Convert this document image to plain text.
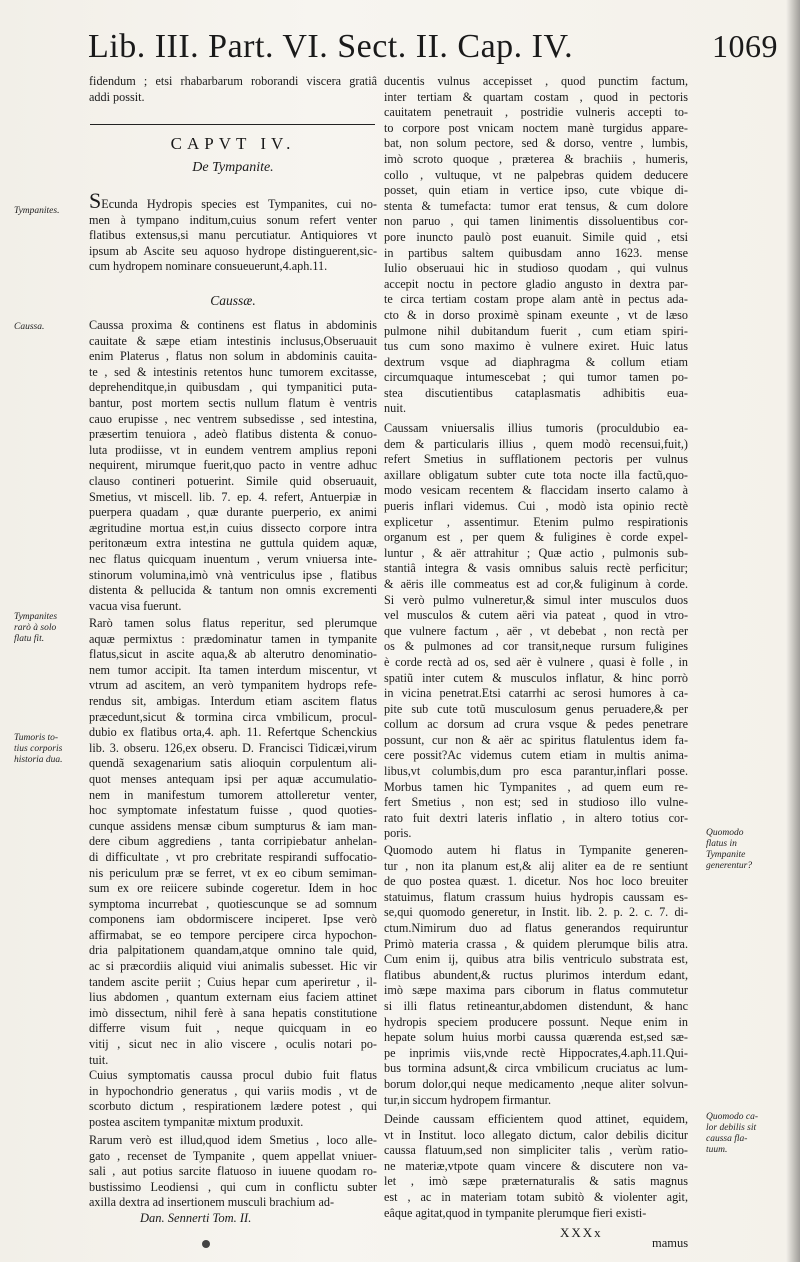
Lib. III. Part. VI. Sect. II. Cap. IV.	1069
fidendum ; etsi rhabarbarum roborandi viscera gratiâ
addi possit.
CAPVT IV.
De Tympanite.
SEcunda Hydropis species est Tympanites, cui no-
men à tympano inditum,cuius sonum refert venter
flatibus extensus,si manu percutiatur. Antiquiores vt
ipsum ab Ascite seu aquoso hydrope distinguerent,sic-
cum hydropem nominare consueuerunt,4.aph.11.
Caussæ.
Caussa proxima & continens est flatus in abdominis
cauitate & sæpe etiam intestinis inclusus,Obseruauit
enim Platerus , flatus non solum in abdominis cauita-
te , sed & intestinis retentos hunc tumorem excitasse,
deprehenditque,in quibusdam , qui tympanitici puta-
bantur, post mortem sectis nullum flatum è ventris
cauo erupisse , nec ventrem subsedisse , sed intestina,
præsertim tenuiora , adeò flatibus distenta & conuo-
luta prodiisse, vt in eundem ventrem amplius reponi
nequirent, mirumque fuerit,quo pacto in ventre adhuc
clauso contineri potuerint. Simile quid obseruauit,
Smetius, vt miscell. lib. 7. ep. 4. refert, Antuerpiæ in
puerpera quadam , quæ durante puerperio, ex animi
ægritudine mortua est,in cuius dissecto corpore intra
peritonæum extra intestina ne guttula quidem aquæ,
nec flatus quicquam inuentum , verum vniuersa inte-
stinorum volumina,imò vnà ventriculus ipse , flatibus
distenta & pellucida & tantum non omnis excrementi
vacua visa fuerunt.
Rarò tamen solus flatus reperitur, sed plerumque
aquæ permixtus : prædominatur tamen in tympanite
flatus,sicut in ascite aqua,& ab alterutro denominatio-
nem tumor accipit. Ita tamen interdum miscentur, vt
vtrum ad ascitem, an verò tympanitem hydrops refe-
rendus sit, ambigas. Interdum etiam ascitem flatus
præcedunt,sicut & tormina circa vmbilicum, procul-
dubio ex flatibus orta,4. aph. 11. Refertque Schenckius
lib. 3. obseru. 126,ex obseru. D. Francisci Tidicæi,virum
quendã sexagenarium satis alioquin corpulentum ali-
quot menses antequam ipsi per aquæ accumulatio-
nem in manifestum tumorem attolleretur venter,
hoc symptomate infestatum fuisse , quod quoties-
cunque assidens mensæ cibum sumpturus & iam man-
dere cibum aggrediens , tanta corripiebatur anhelan-
di difficultate , vt pro crebritate respirandi suffocatio-
nis periculum præ se ferret, vt ex eo cibum semiman-
sum ex ore reiicere subinde cogeretur. Idem in hoc
symptoma incurrebat , quotiescunque se ad somnum
componens iam obdormiscere inciperet. Ipse verò
affirmabat, se eo tempore percipere circa hypochon-
dria palpitationem quandam,atque omnino tale quid,
ac si præcordiis aliquid viui animalis subesset. Hic vir
tandem ascite periit ; Cuius hepar cum aperiretur , il-
lius abdomen , quantum externam eius faciem attinet
imò dissectum, nihil ferè à sana hepatis constitutione
differre visum fuit , neque quicquam in eo
vitij , sicut nec in alio viscere , oculis notari po-
tuit.
Cuius symptomatis caussa procul dubio fuit flatus
in hypochondrio generatus , qui variis modis , vt de
scorbuto dictum , respirationem lædere potest , qui
postea ascitem tympanitæ mixtum produxit.
Rarum verò est illud,quod idem Smetius , loco alle-
gato , recenset de Tympanite , quem appellat vniuer-
sali , aut potius sarcite flatuoso in iuuene quodam ro-
bustissimo Leodiensi , qui cum in conflictu subter
axilla dextra ad insertionem musculi brachium ad-
Dan. Sennerti Tom. II.
ducentis vulnus accepisset , quod punctim factum,
inter tertiam & quartam costam , quod in pectoris
cauitatem penetrauit , postridie vulneris accepti to-
to corpore post vnicam noctem manè turgidus appare-
bat, non solum pectore, sed & dorso, ventre , lumbis,
imò scroto quoque , præterea & brachiis , humeris,
collo , vultuque, vt ne palpebras quidem deducere
posset, quin etiam in vertice ipso, cute vbique di-
stenta & tumefacta: tumor erat tensus, & cum dolore
non paruo , qui tamen linimentis dissoluentibus cor-
pore inuncto paulò post euanuit. Simile quid , etsi
in partibus saltem quibusdam anno 1623. mense
Iulio obseruaui hic in studioso quodam , qui vulnus
accepit noctu in pectore gladio angusto in dextra par-
te circa tertiam costam prope alam antè in pectus ada-
cto & in dorso proximè spinam exeunte , vt de læso
pulmone nihil dubitandum fuerit , cum etiam spiri-
tus cum sono maximo è vulnere exiret. Huic latus
dextrum vsque ad diaphragma & collum etiam
circumquaque intumescebat ; qui tumor tamen po-
stea discutientibus cataplasmatis adhibitis eua-
nuit.
Caussam vniuersalis illius tumoris (proculdubio ea-
dem & particularis illius , quem modò recensui,fuit,)
refert Smetius in sufflationem pectoris per vulnus
axillare obligatum subter cute tota nocte illa factũ,quo-
modo vesicam recentem & flaccidam inserto calamo à
pueris inflari videmus. Cui , modò ista opinio rectè
explicetur , assentimur. Etenim pulmo respirationis
organum est , per quem & fuligines è corde expel-
luntur , & aër attrahitur ; Quæ actio , pulmonis sub-
stantiâ integra & vasis omnibus saluis rectè perficitur;
& aëris ille commeatus est ad cor,& fuliginum à corde.
Si verò pulmo vulneretur,& simul inter musculos duos
vel musculos & cutem aëri via pateat , quod in vtro-
que vulnere factum , aër , vt debebat , non rectà per
os & pulmones ad cor transit,neque rursum fuligines
è corde rectà ad os, sed aër è vulnere , quasi è folle , in
spatiũ inter cutem & musculos inflatur, & hinc porrò
in vicina penetrat.Etsi catarrhi ac serosi humores à ca-
pite sub cute totũ musculosum genus peruadere,& per
collum ac dorsum ad crura vsque & pedes penetrare
possunt, cur non & aër ac spiritus flatulentus idem fa-
cere possit?Ac videmus cutem etiam in multis anima-
libus,vt columbis,dum pro esca parantur,inflari posse.
Morbus tamen hic Tympanites , ad quem eum re-
fert Smetius , non est; sed in studioso illo vulne-
rato fuit dextri lateris inflatio , in altero totius cor-
poris.
Quomodo autem hi flatus in Tympanite generen-
tur , non ita planum est,& alij aliter ea de re sentiunt
de quo postea quæst. 1. dicetur. Nos hoc loco breuiter
statuimus, flatum crassum huius hydropis caussam es-
se,qui quomodo generetur, in Instit. lib. 2. p. 2. c. 7. di-
ctum.Nimirum duo ad flatus generandos requiruntur
Primò materia crassa , & quidem plerumque bilis atra.
Cum enim ij, quibus atra bilis ventriculo substrata est,
flatibus abundent,& ructus plurimos interdum edant,
imò sæpe maxima pars ciborum in flatus commutetur
si illi flatus retineantur,abdomen distendunt, & hanc
hydropis speciem producere possunt. Neque enim in
hepate solum huius morbi caussa quærenda est,sed sæ-
pe inprimis viis,vnde rectè Hippocrates,4.aph.11.Qui-
bus tormina adsunt,& circa vmbilicum cruciatus ac lum-
borum dolor,qui neque medicamento ,neque aliter solvun-
tur,in siccum hydropem firmantur.
Deinde caussam efficientem quod attinet, equidem,
vt in Institut. loco allegato dictum, calor debilis dicitur
caussa flatuum,sed non simpliciter talis , verùm ratio-
ne materiæ,vtpote quam vincere & discutere non va-
let , imò sæpe præternaturalis & satis magnus
est , ac in materiam totam subitò & violenter agit,
eâque agitat,quod in tympanite plerumque fieri existi-
XXXx
mamus
Tympanites.
Caussa.
Tympanites
rarò à solo
flatu fit.
Tumoris to-
tius corporis
historia dua.
Quomodo
flatus in
Tympanite
generentur?
Quomodo ca-
lor debilis sit
caussa fla-
tuum.
